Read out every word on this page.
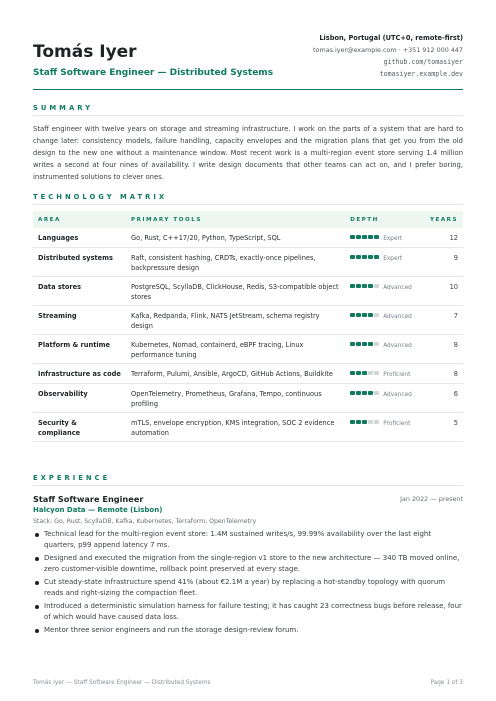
Tomás Iyer
Staff Software Engineer — Distributed Systems
Lisbon, Portugal (UTC+0, remote-first)
tomas.iyer@example.com · +351 912 000 447
github.com/tomasiyer
tomasiyer.example.dev
SUMMARY

Staff engineer with twelve years on storage and streaming infrastructure. I work on the parts of a system that are hard to change later: consistency models, failure handling, capacity envelopes and the migration plans that get you from the old design to the new one without a maintenance window. Most recent work is a multi-region event store serving 1.4 million writes a second at four nines of availability. I write design documents that other teams can act on, and I prefer boring, instrumented solutions to clever ones.

TECHNOLOGY MATRIX
AREA	PRIMARY TOOLS	DEPTH	YEARS
Languages	Go, Rust, C++17/20, Python, TypeScript, SQL	Expert	12
Distributed systems	Raft, consistent hashing, CRDTs, exactly-once pipelines, backpressure design	Expert	9
Data stores	PostgreSQL, ScyllaDB, ClickHouse, Redis, S3-compatible object stores	Advanced	10
Streaming	Kafka, Redpanda, Flink, NATS JetStream, schema registry design	Advanced	7
Platform & runtime	Kubernetes, Nomad, containerd, eBPF tracing, Linux performance tuning	Advanced	8
Infrastructure as code	Terraform, Pulumi, Ansible, ArgoCD, GitHub Actions, Buildkite	Proficient	8
Observability	OpenTelemetry, Prometheus, Grafana, Tempo, continuous profiling	Advanced	6
Security & compliance	mTLS, envelope encryption, KMS integration, SOC 2 evidence automation	Proficient	5
EXPERIENCE
Staff Software Engineer	Jan 2022 — present
Halcyon Data — Remote (Lisbon)
Stack: Go, Rust, ScyllaDB, Kafka, Kubernetes, Terraform, OpenTelemetry
Technical lead for the multi-region event store: 1.4M sustained writes/s, 99.99% availability over the last eight quarters, p99 append latency 7 ms.
Designed and executed the migration from the single-region v1 store to the new architecture — 340 TB moved online, zero customer-visible downtime, rollback point preserved at every stage.
Cut steady-state infrastructure spend 41% (about €2.1M a year) by replacing a hot-standby topology with quorum reads and right-sizing the compaction fleet.
Introduced a deterministic simulation harness for failure testing; it has caught 23 correctness bugs before release, four of which would have caused data loss.
Mentor three senior engineers and run the storage design-review forum.
Tomás Iyer — Staff Software Engineer — Distributed Systems	Page 1 of 3
